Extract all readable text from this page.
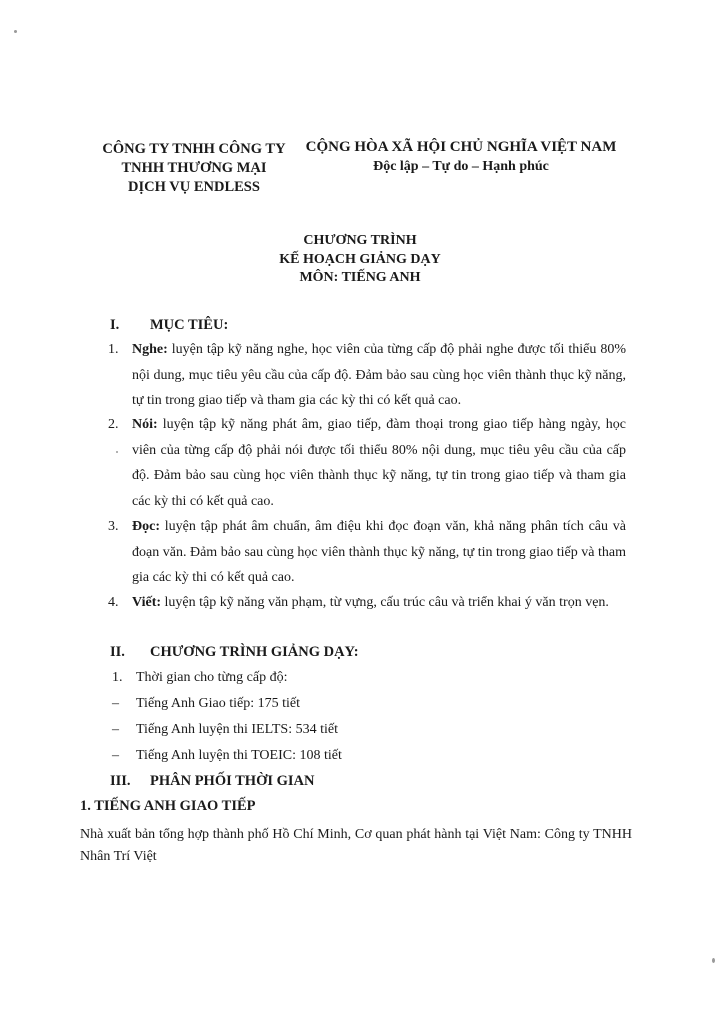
CÔNG TY TNHH CÔNG TY
TNHH THƯƠNG MẠI
DỊCH VỤ ENDLESS
CỘNG HÒA XÃ HỘI CHỦ NGHĨA VIỆT NAM
Độc lập – Tự do – Hạnh phúc
CHƯƠNG TRÌNH
KẾ HOẠCH GIẢNG DẠY
MÔN: TIẾNG ANH
I. MỤC TIÊU:
1. Nghe: luyện tập kỹ năng nghe, học viên của từng cấp độ phải nghe được tối thiểu 80% nội dung, mục tiêu yêu cầu của cấp độ. Đảm bảo sau cùng học viên thành thục kỹ năng, tự tin trong giao tiếp và tham gia các kỳ thi có kết quả cao.
2. Nói: luyện tập kỹ năng phát âm, giao tiếp, đàm thoại trong giao tiếp hàng ngày, học viên của từng cấp độ phải nói được tối thiểu 80% nội dung, mục tiêu yêu cầu của cấp độ. Đảm bảo sau cùng học viên thành thục kỹ năng, tự tin trong giao tiếp và tham gia các kỳ thi có kết quả cao.
3. Đọc: luyện tập phát âm chuẩn, âm điệu khi đọc đoạn văn, khả năng phân tích câu và đoạn văn. Đảm bảo sau cùng học viên thành thục kỹ năng, tự tin trong giao tiếp và tham gia các kỳ thi có kết quả cao.
4. Viết: luyện tập kỹ năng văn phạm, từ vựng, cấu trúc câu và triển khai ý văn trọn vẹn.
II. CHƯƠNG TRÌNH GIẢNG DẠY:
1. Thời gian cho từng cấp độ:
– Tiếng Anh Giao tiếp: 175 tiết
– Tiếng Anh luyện thi IELTS: 534 tiết
– Tiếng Anh luyện thi TOEIC: 108 tiết
III. PHÂN PHỐI THỜI GIAN
1. TIẾNG ANH GIAO TIẾP
Nhà xuất bản tổng hợp thành phố Hồ Chí Minh, Cơ quan phát hành tại Việt Nam: Công ty TNHH Nhân Trí Việt
